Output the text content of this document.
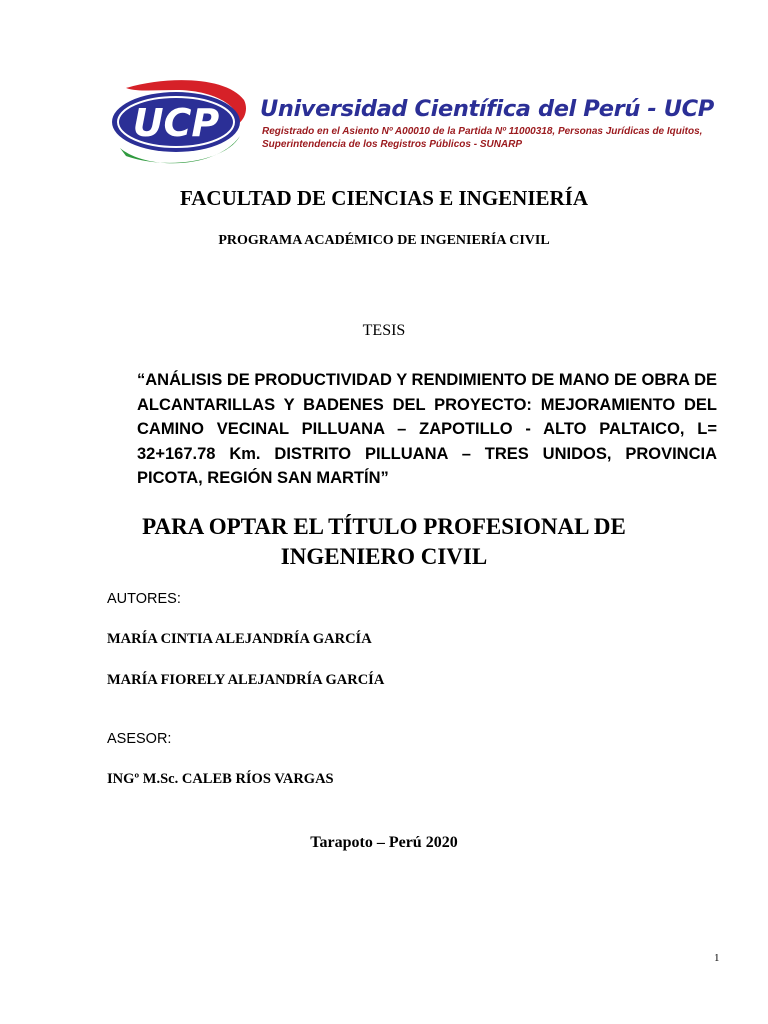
UCP Universidad Científica del Perú - UCP
Registrado en el Asiento Nº A00010 de la Partida Nº 11000318, Personas Jurídicas de Iquitos,
Superintendencia de los Registros Públicos - SUNARP
FACULTAD DE CIENCIAS E INGENIERÍA
PROGRAMA ACADÉMICO DE INGENIERÍA CIVIL
TESIS
“ANÁLISIS DE PRODUCTIVIDAD Y RENDIMIENTO DE MANO DE OBRA DE ALCANTARILLAS Y BADENES DEL PROYECTO: MEJORAMIENTO DEL CAMINO VECINAL PILLUANA – ZAPOTILLO - ALTO PALTAICO, L= 32+167.78 Km. DISTRITO PILLUANA – TRES UNIDOS, PROVINCIA PICOTA, REGIÓN SAN MARTÍN”
PARA OPTAR EL TÍTULO PROFESIONAL DE
INGENIERO CIVIL
AUTORES:
MARÍA CINTIA ALEJANDRÍA GARCÍA
MARÍA FIORELY ALEJANDRÍA GARCÍA
ASESOR:
INGº M.Sc. CALEB RÍOS VARGAS
Tarapoto – Perú 2020
1
